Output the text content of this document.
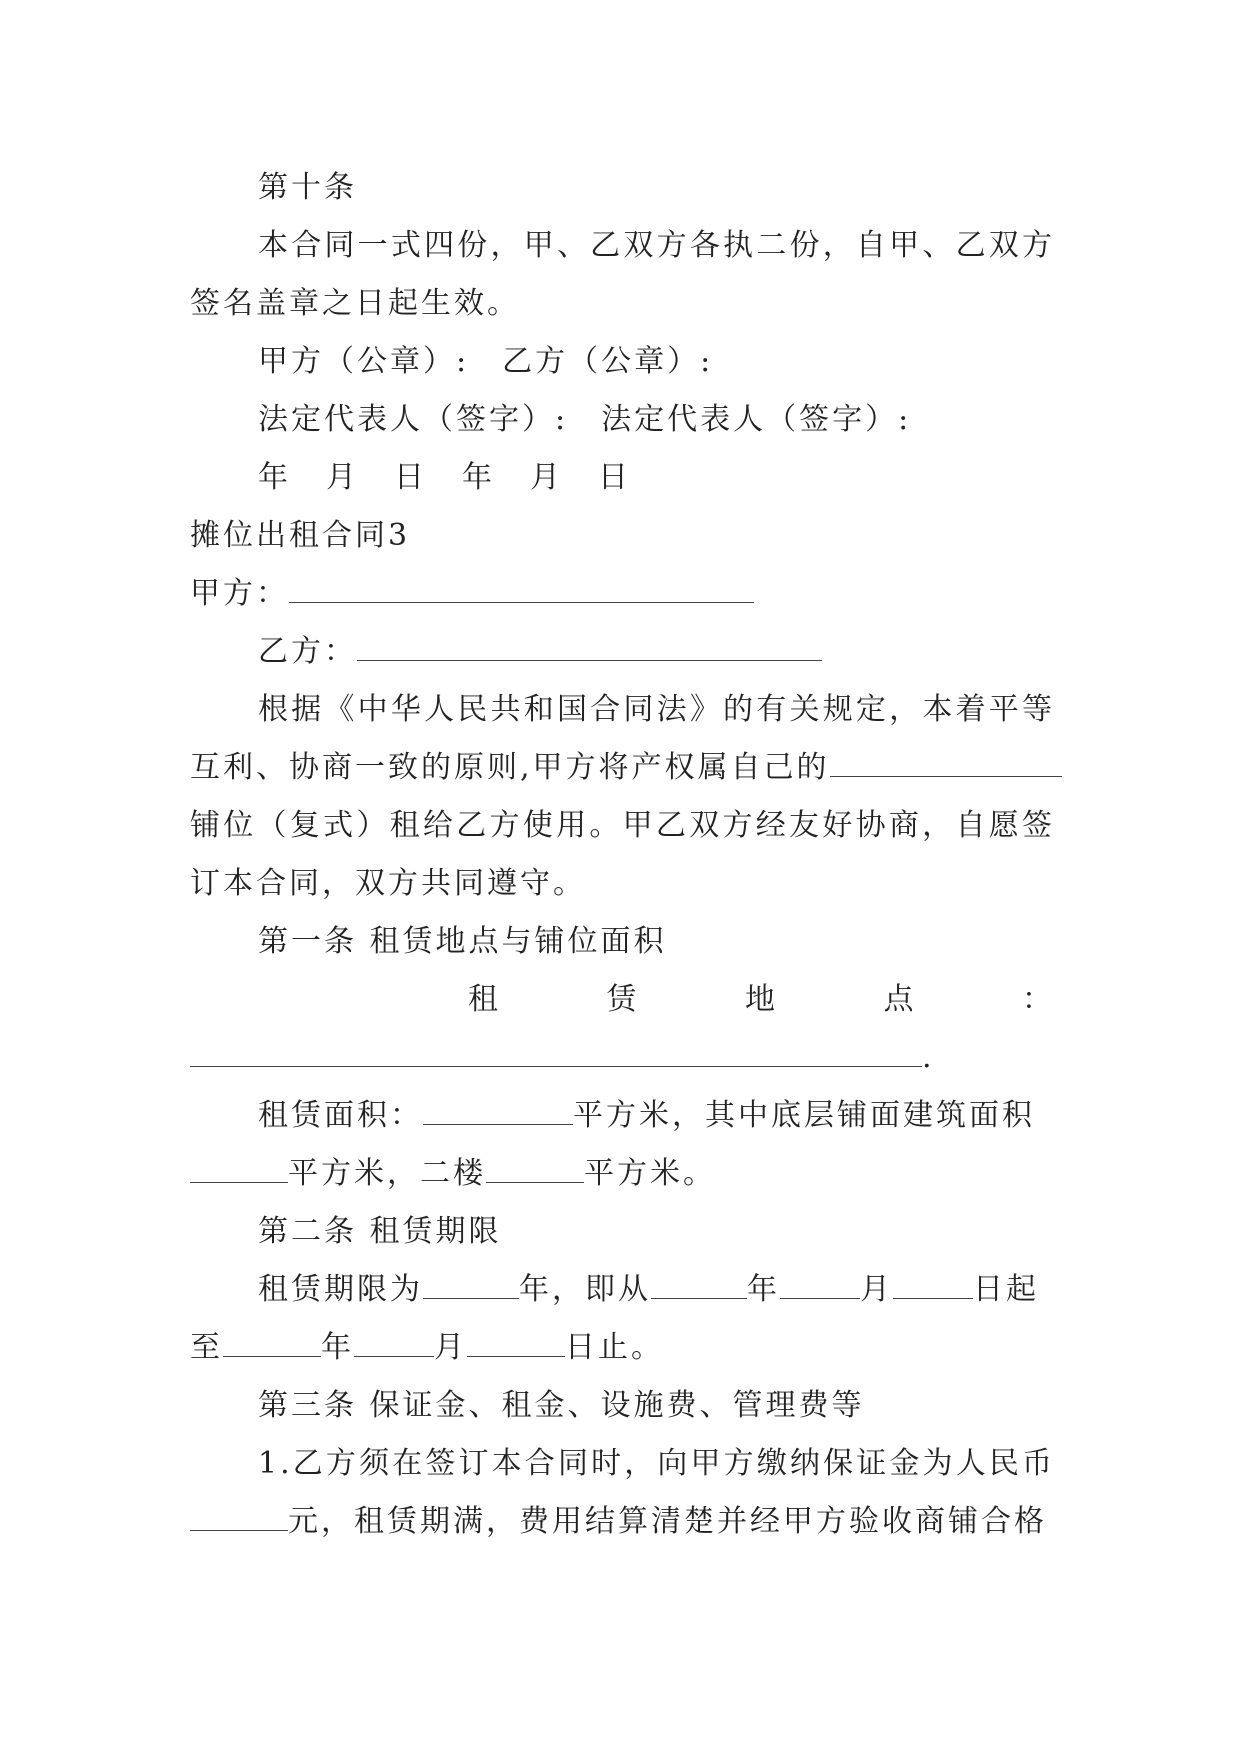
第十条
本合同一式四份，甲、乙双方各执二份，自甲、乙双方
签名盖章之日起生效。
甲方（公章）:　乙方（公章）:
法定代表人（签字）:　法定代表人（签字）:
年　月　日　年　月　日
摊位出租合同3
甲方：
乙方：
根据《中华人民共和国合同法》的有关规定，本着平等
互利、协商一致的原则,甲方将产权属自己的
铺位（复式）租给乙方使用。甲乙双方经友好协商，自愿签
订本合同，双方共同遵守。
第一条 租赁地点与铺位面积
租	赁	地	点	：
.
租赁面积：	平方米，其中底层铺面建筑面积
平方米，二楼	平方米。
第二条 租赁期限
租赁期限为	年，即从	年	月	日起
至	年	月	日止。
第三条 保证金、租金、设施费、管理费等
1.乙方须在签订本合同时，向甲方缴纳保证金为人民币
元，租赁期满，费用结算清楚并经甲方验收商铺合格
